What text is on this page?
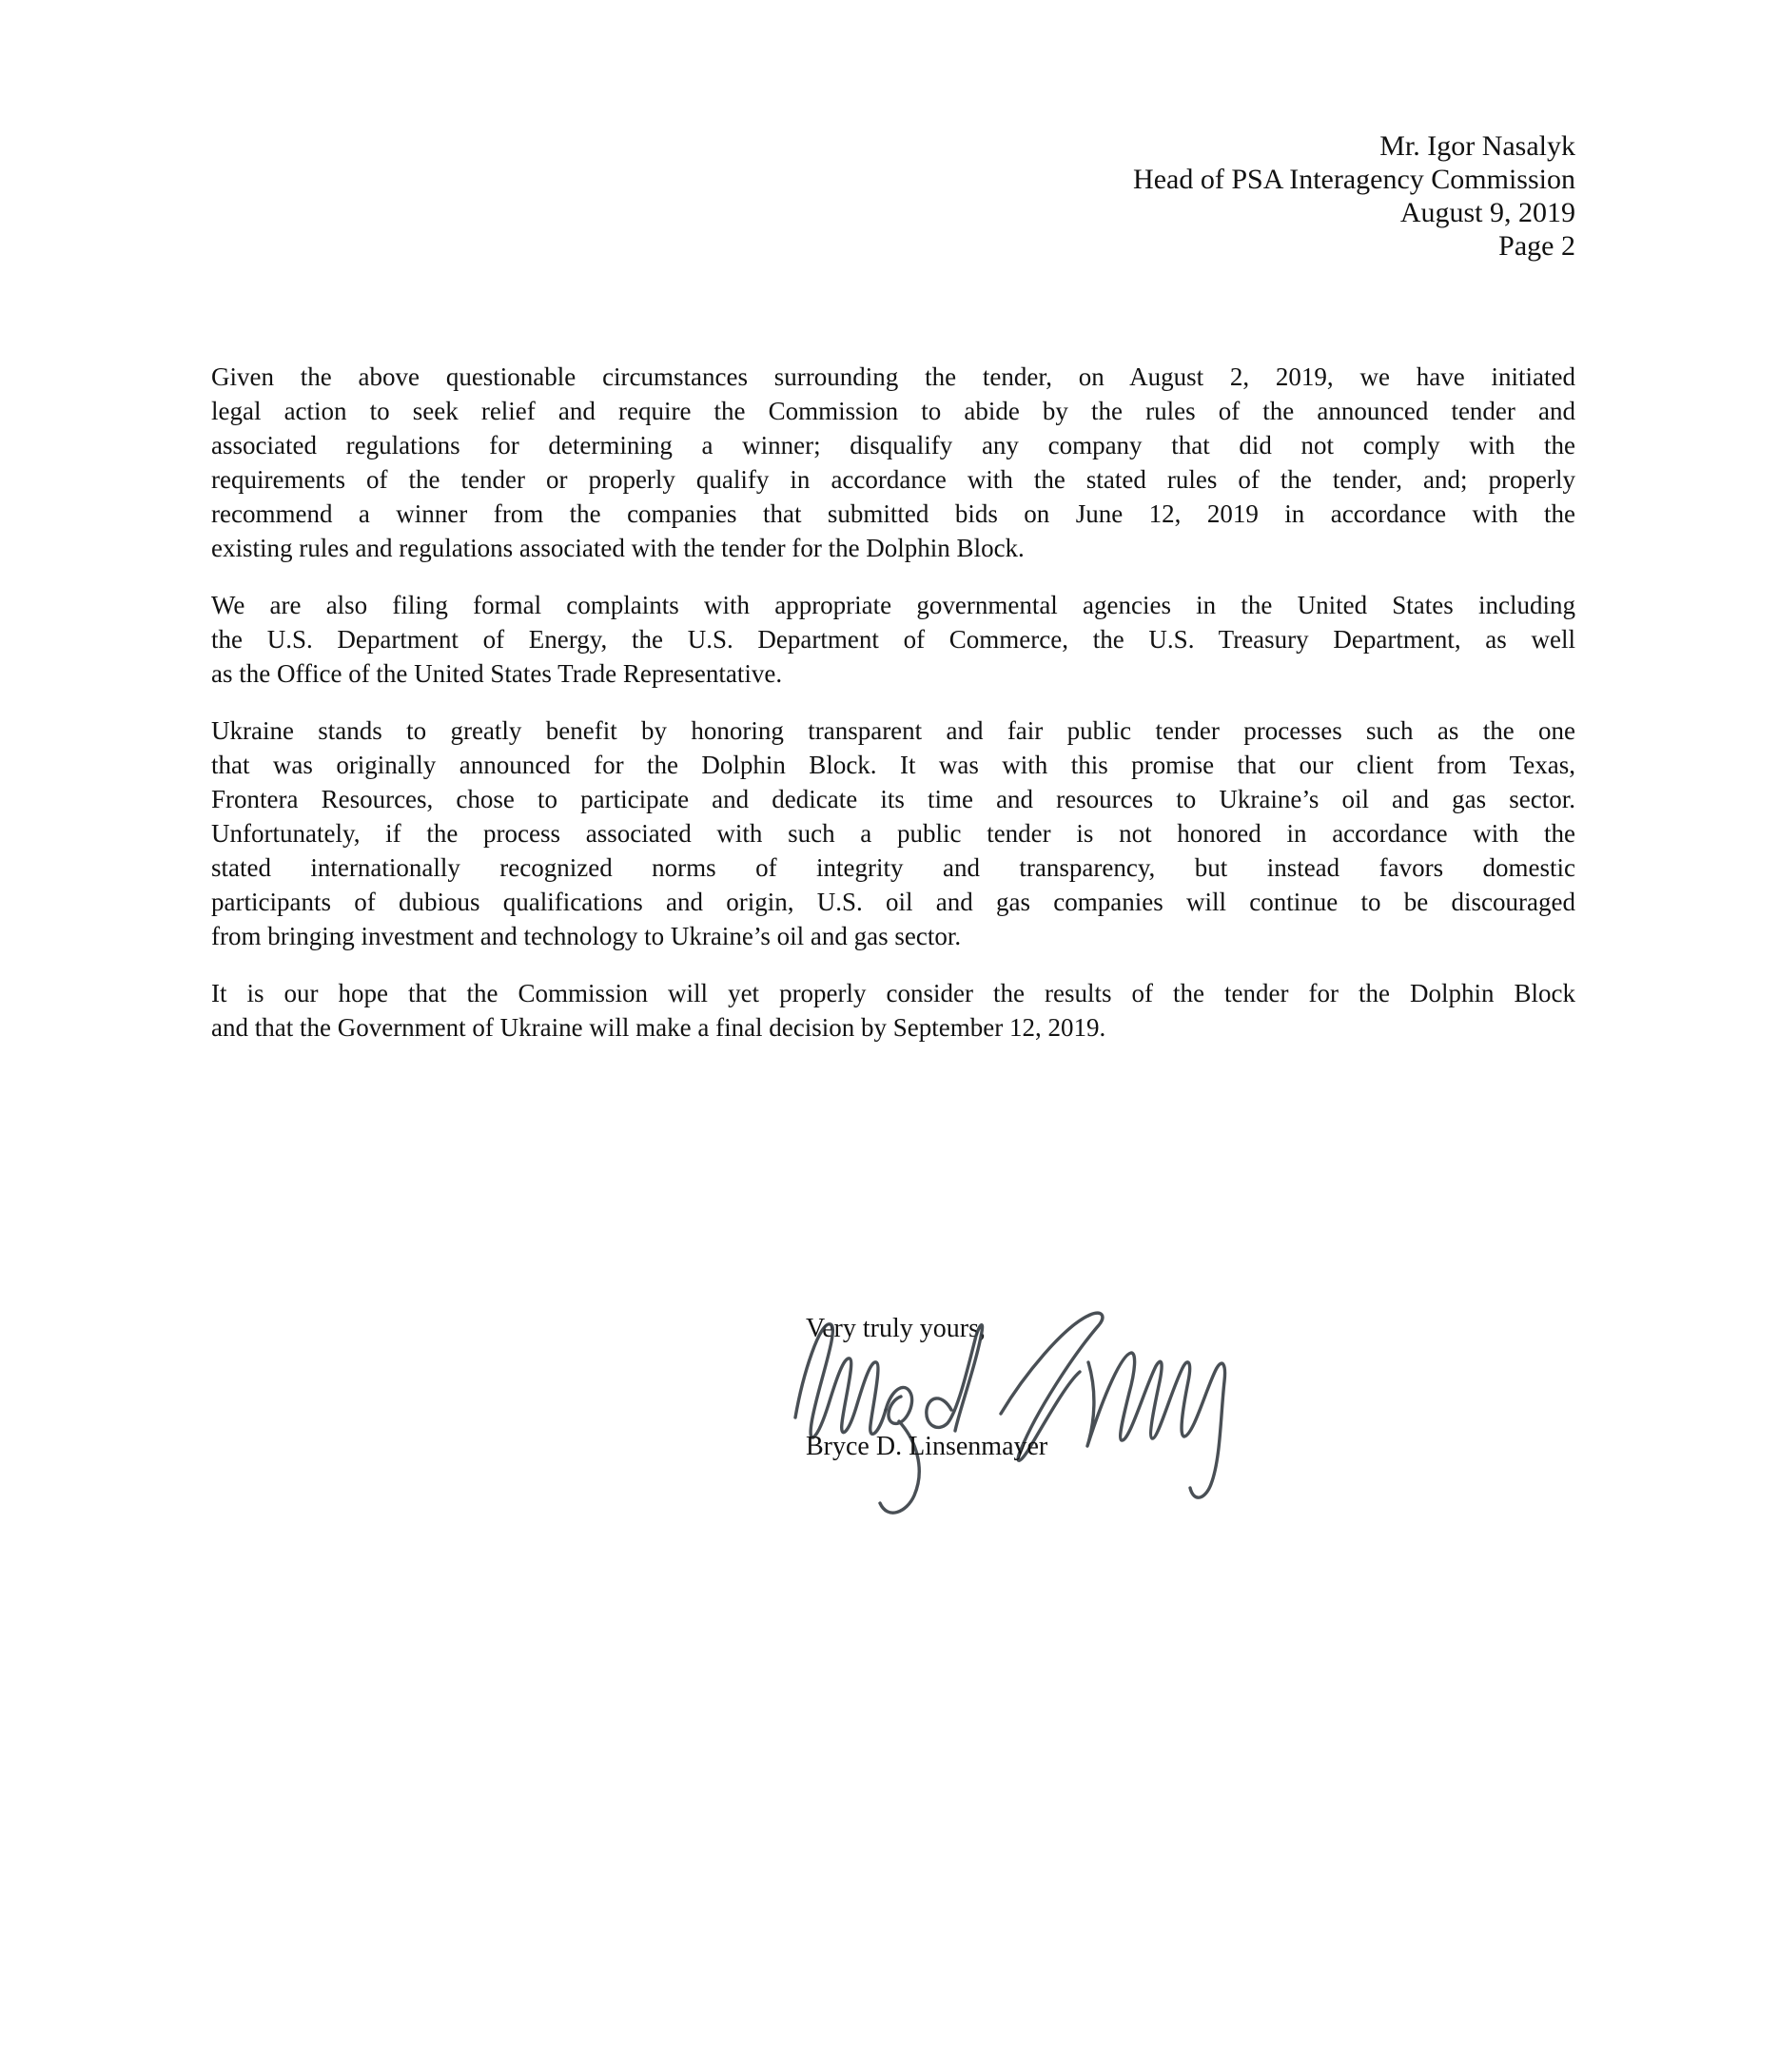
Mr. Igor Nasalyk
Head of PSA Interagency Commission
August 9, 2019
Page 2
Given the above questionable circumstances surrounding the tender, on August 2, 2019, we have initiated
legal action to seek relief and require the Commission to abide by the rules of the announced tender and
associated regulations for determining a winner; disqualify any company that did not comply with the
requirements of the tender or properly qualify in accordance with the stated rules of the tender, and; properly
recommend a winner from the companies that submitted bids on June 12, 2019 in accordance with the
existing rules and regulations associated with the tender for the Dolphin Block.
We are also filing formal complaints with appropriate governmental agencies in the United States including
the U.S. Department of Energy, the U.S. Department of Commerce, the U.S. Treasury Department, as well
as the Office of the United States Trade Representative.
Ukraine stands to greatly benefit by honoring transparent and fair public tender processes such as the one
that was originally announced for the Dolphin Block. It was with this promise that our client from Texas,
Frontera Resources, chose to participate and dedicate its time and resources to Ukraine’s oil and gas sector.
Unfortunately, if the process associated with such a public tender is not honored in accordance with the
stated internationally recognized norms of integrity and transparency, but instead favors domestic
participants of dubious qualifications and origin, U.S. oil and gas companies will continue to be discouraged
from bringing investment and technology to Ukraine’s oil and gas sector.
It is our hope that the Commission will yet properly consider the results of the tender for the Dolphin Block
and that the Government of Ukraine will make a final decision by September 12, 2019.
Very truly yours,
Bryce D. Linsenmayer
